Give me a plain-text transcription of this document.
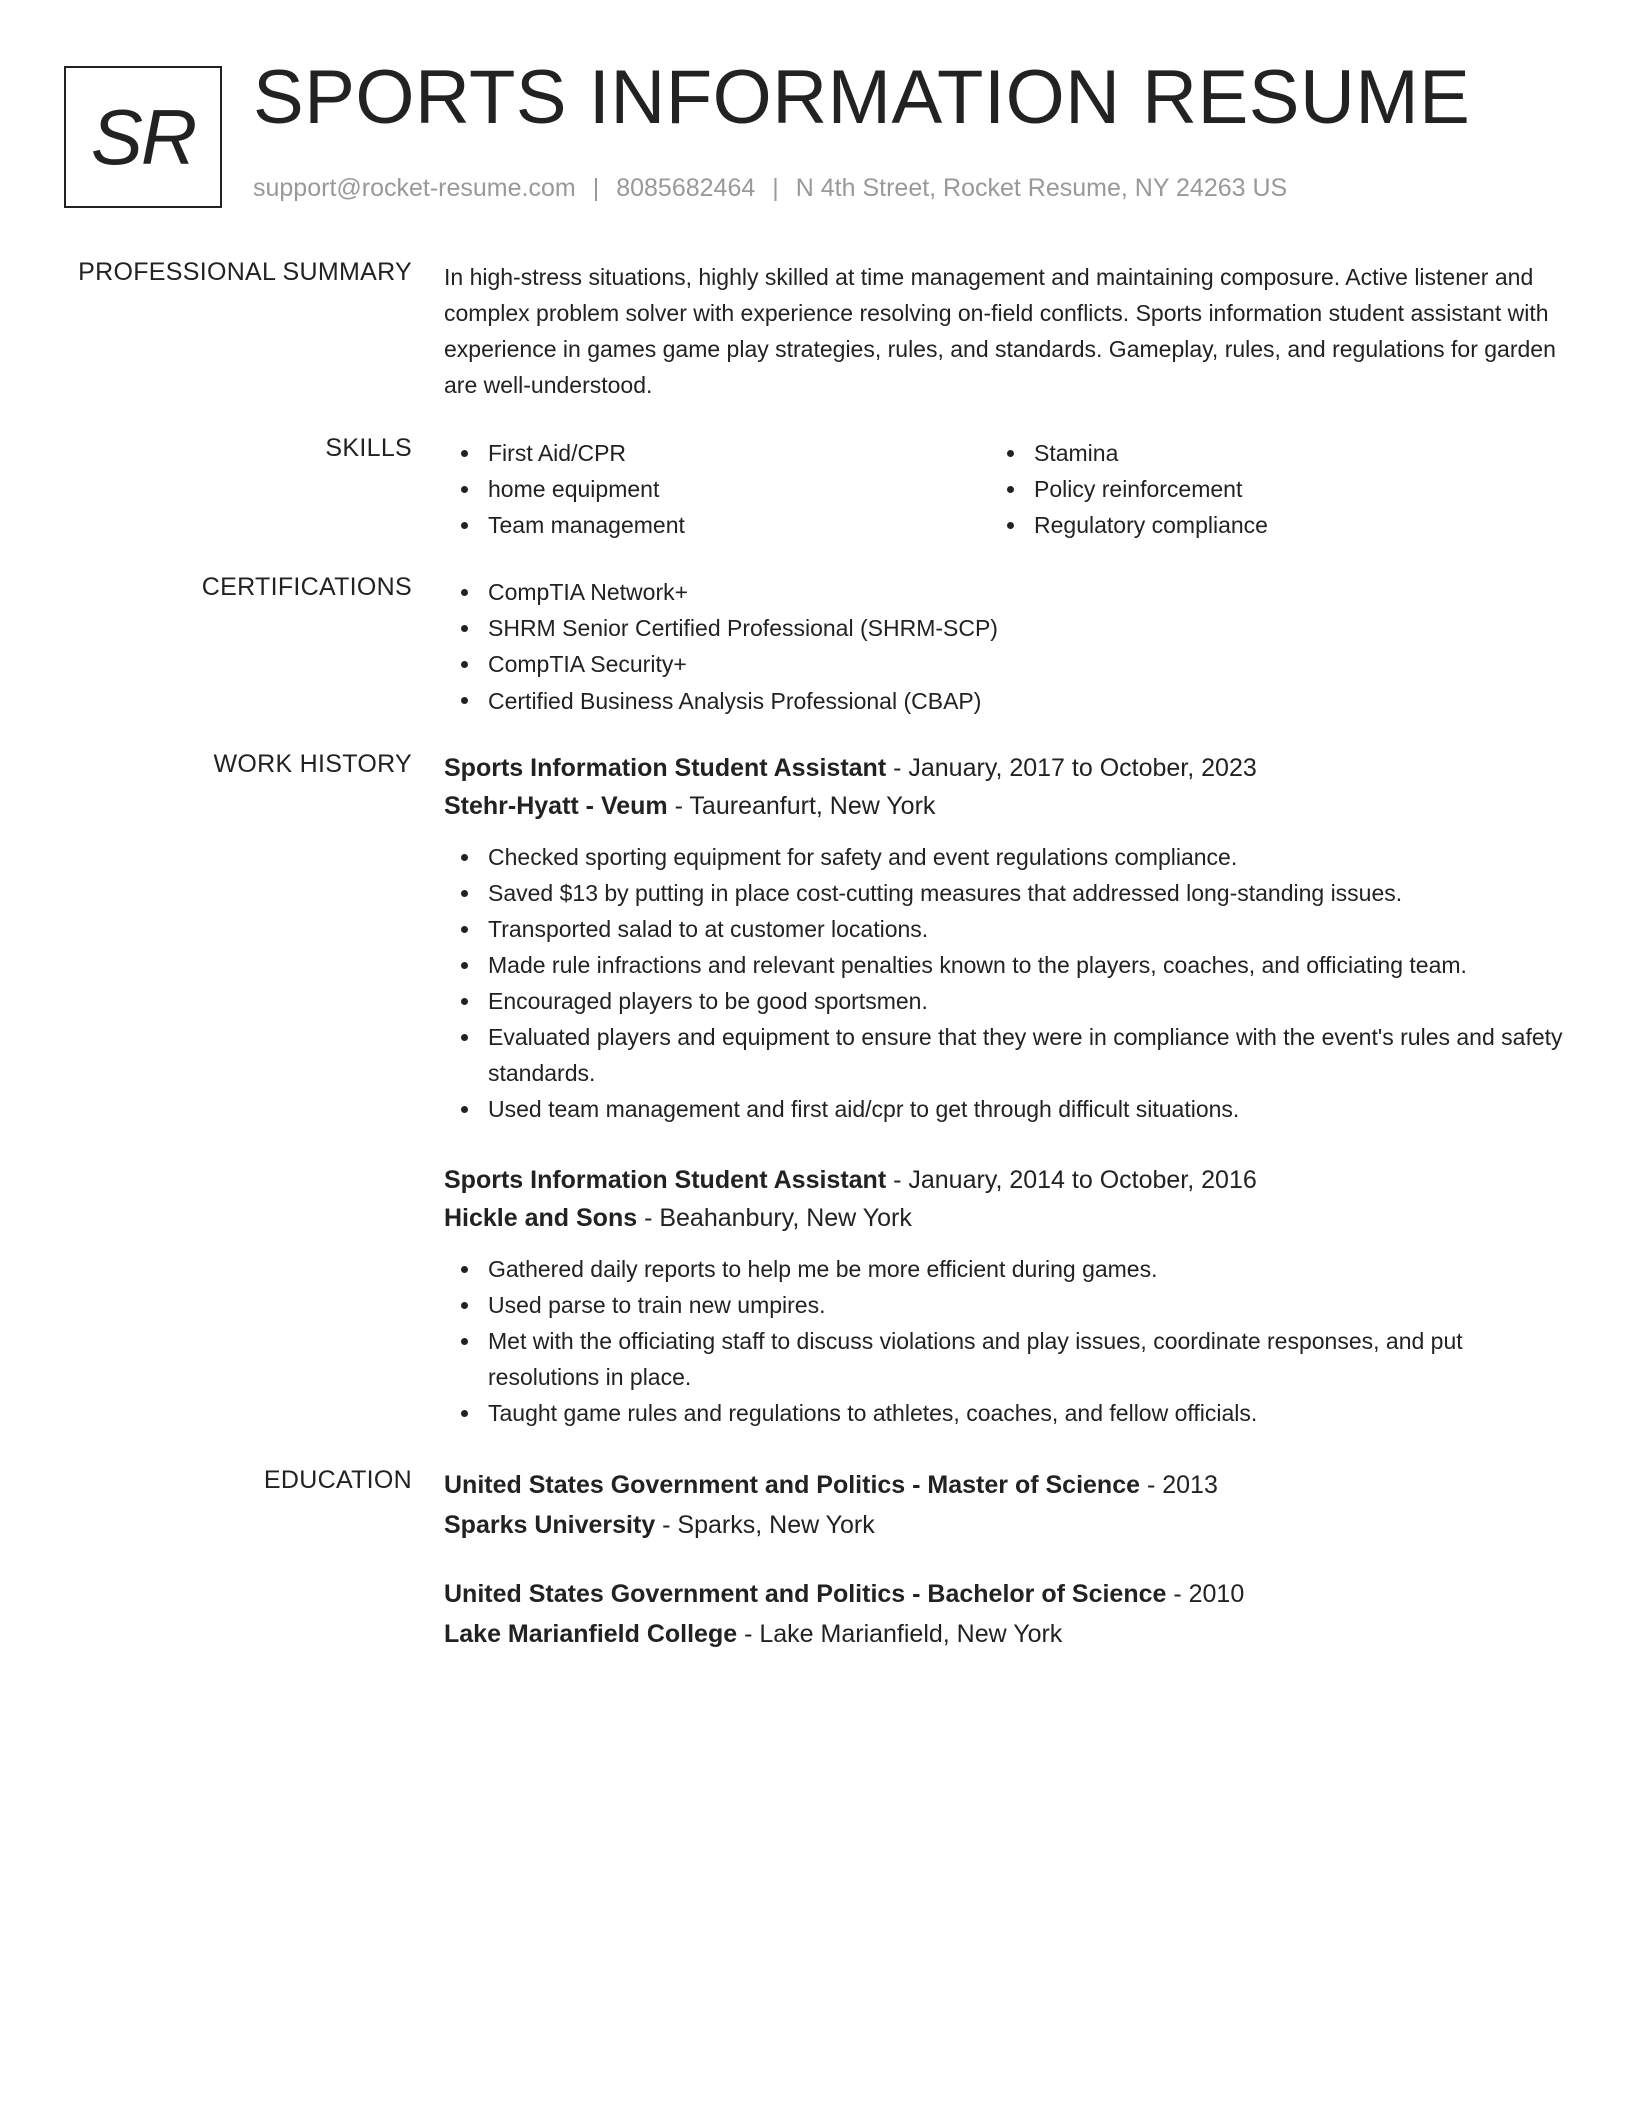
SR SPORTS INFORMATION RESUME
support@rocket-resume.com | 8085682464 | N 4th Street, Rocket Resume, NY 24263 US
PROFESSIONAL SUMMARY In high-stress situations, highly skilled at time management and maintaining composure. Active listener and complex problem solver with experience resolving on-field conflicts. Sports information student assistant with experience in games game play strategies, rules, and standards. Gameplay, rules, and regulations for garden are well-understood.

SKILLS	First Aid/CPR
home equipment
Team management
Stamina
Policy reinforcement
Regulatory compliance
CERTIFICATIONS	CompTIA Network+
SHRM Senior Certified Professional (SHRM-SCP)
CompTIA Security+
Certified Business Analysis Professional (CBAP)
WORK HISTORY Sports Information Student Assistant - January, 2017 to October, 2023
Stehr-Hyatt - Veum - Taureanfurt, New York
Checked sporting equipment for safety and event regulations compliance.
Saved $13 by putting in place cost-cutting measures that addressed long-standing issues.
Transported salad to at customer locations.
Made rule infractions and relevant penalties known to the players, coaches, and officiating team.
Encouraged players to be good sportsmen.
Evaluated players and equipment to ensure that they were in compliance with the event's rules and safety standards.
Used team management and first aid/cpr to get through difficult situations.
Sports Information Student Assistant - January, 2014 to October, 2016
Hickle and Sons - Beahanbury, New York
Gathered daily reports to help me be more efficient during games.
Used parse to train new umpires.
Met with the officiating staff to discuss violations and play issues, coordinate responses, and put resolutions in place.
Taught game rules and regulations to athletes, coaches, and fellow officials.
EDUCATION United States Government and Politics - Master of Science - 2013
Sparks University - Sparks, New York
United States Government and Politics - Bachelor of Science - 2010
Lake Marianfield College - Lake Marianfield, New York
